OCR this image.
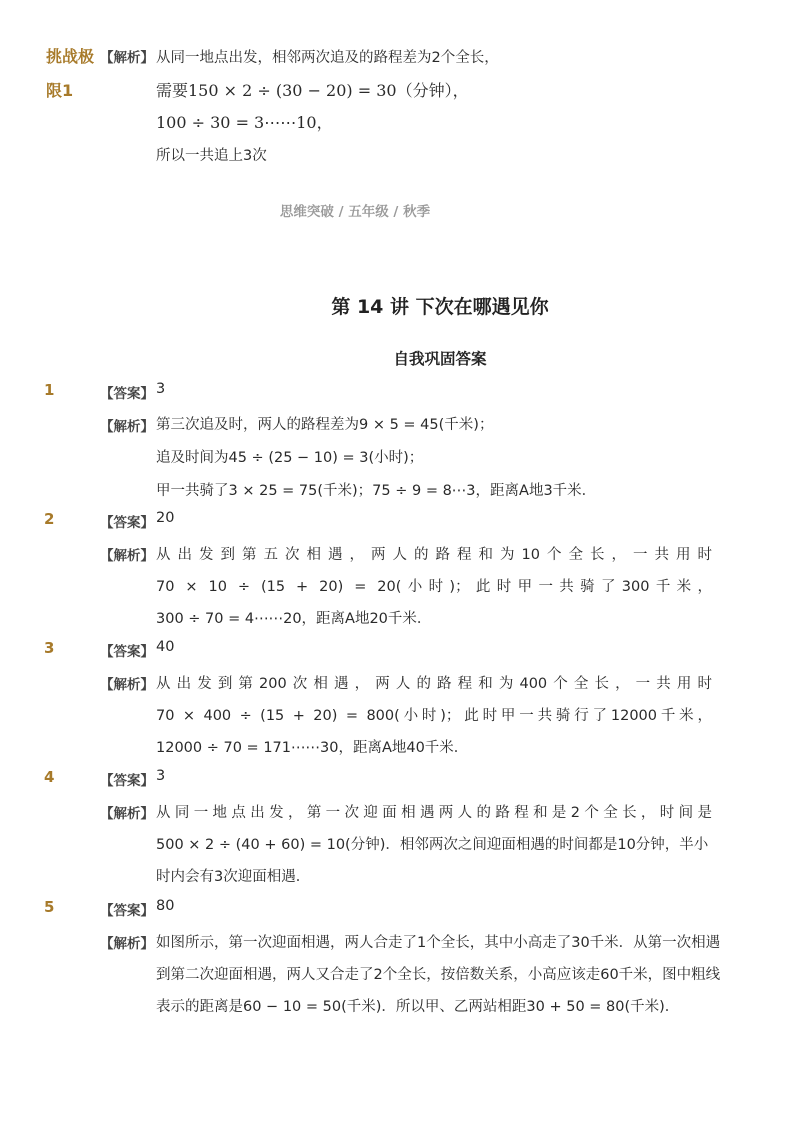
挑战极
限1
【解析】 从同一地点出发，相邻两次追及的路程差为2个全长，
需要150 × 2 ÷ (30 − 20) = 30（分钟），
100 ÷ 30 = 3⋯⋯10，
所以一共追上3次
思维突破 / 五年级 / 秋季
第 14 讲 下次在哪遇见你
自我巩固答案
1	【答案】 3
【解析】 第三次追及时，两人的路程差为9 × 5 = 45(千米)；
追及时间为45 ÷ (25 − 10) = 3(小时)；
甲一共骑了3 × 25 = 75(千米)；75 ÷ 9 = 8⋯3，距离A地3千米．
2	【答案】 20
【解析】 从出发到第五次相遇，两人的路程和为10个全长，一共用时
70 × 10 ÷ (15 + 20) = 20(小时)；此时甲一共骑了300千米，
300 ÷ 70 = 4⋯⋯20，距离A地20千米．
3	【答案】 40
【解析】 从出发到第200次相遇，两人的路程和为400个全长，一共用时
70 × 400 ÷ (15 + 20) = 800(小时)；此时甲一共骑行了12000千米，
12000 ÷ 70 = 171⋯⋯30，距离A地40千米．
4	【答案】 3
【解析】 从同一地点出发，第一次迎面相遇两人的路程和是2个全长，时间是
500 × 2 ÷ (40 + 60) = 10(分钟)．相邻两次之间迎面相遇的时间都是10分钟，半小
时内会有3次迎面相遇．
5	【答案】 80
【解析】 如图所示，第一次迎面相遇，两人合走了1个全长，其中小高走了30千米．从第一次相遇
到第二次迎面相遇，两人又合走了2个全长，按倍数关系，小高应该走60千米，图中粗线
表示的距离是60 − 10 = 50(千米)．所以甲、乙两站相距30 + 50 = 80(千米)．
